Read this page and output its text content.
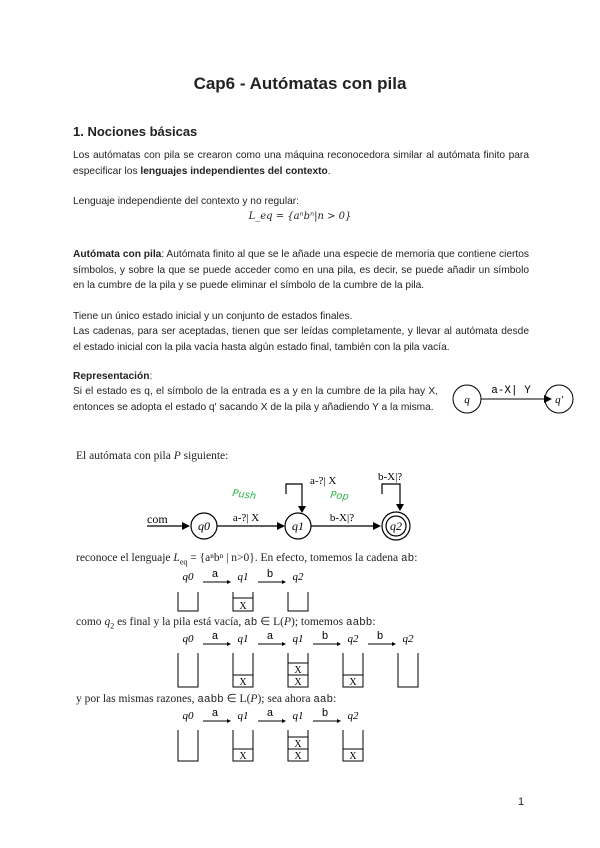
Cap6 - Autómatas con pila
1. Nociones básicas
Los autómatas con pila se crearon como una máquina reconocedora similar al autómata finito para especificar los lenguajes independientes del contexto.
Lenguaje independiente del contexto y no regular:
L_eq = {aⁿbⁿ|n > 0}
Autómata con pila: Autómata finito al que se le añade una especie de memoria que contiene ciertos símbolos, y sobre la que se puede acceder como en una pila, es decir, se puede añadir un símbolo en la cumbre de la pila y se puede eliminar el símbolo de la cumbre de la pila.
Tiene un único estado inicial y un conjunto de estados finales.
Las cadenas, para ser aceptadas, tienen que ser leídas completamente, y llevar al autómata desde el estado inicial con la pila vacía hasta algún estado final, también con la pila vacía.
Representación:
Si el estado es q, el símbolo de la entrada es a y en la cumbre de la pila hay X, entonces se adopta el estado q' sacando X de la pila y añadiendo Y a la misma.
q
a-X| Y
q'
El autómata con pila P siguiente:
com	q0
a-?| X
q1
a-?| X
b-X|?
q2
b-X|?
Push	Pop
reconoce el lenguaje $L_{eq} = \{a^nb^n$ | n>0}. En efecto, tomemos la cadena ab:
q0 a q1 b q2
X
como $q_2$ es final y la pila está vacía, ab ∈ L(P); tomemos aabb:
q0 a q1 a q1 b q2 b q2
X
X
X	X
y por las mismas razones, aabb ∈ L(P); sea ahora aab:
q0 a q1 a q1 b q2
X
X
X	X
1
